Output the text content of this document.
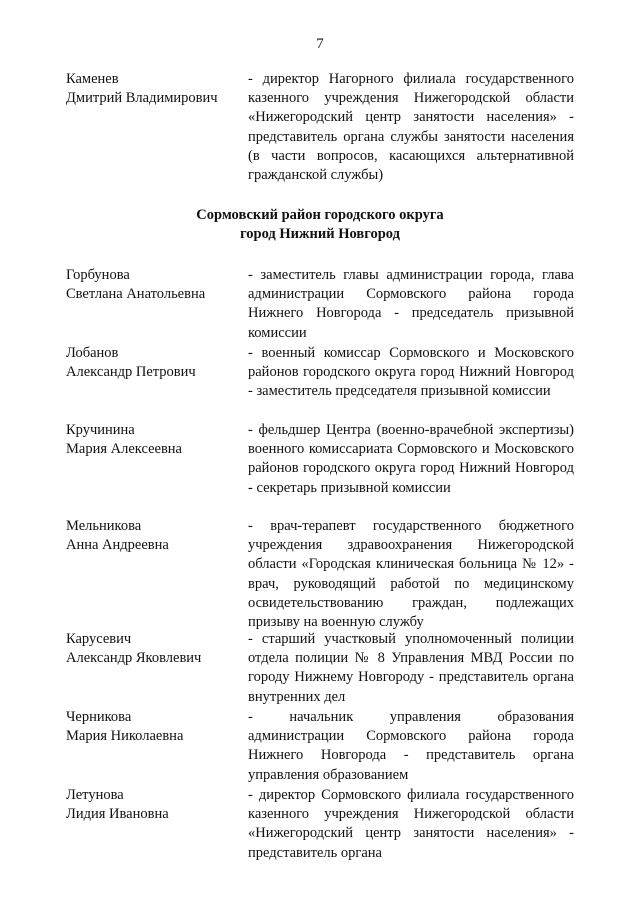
7
Каменев
Дмитрий Владимирович
- директор Нагорного филиала государственного казенного учреждения Нижегородской области «Нижегородский центр занятости населения» - представитель органа службы занятости населения (в части вопросов, касающихся альтернативной гражданской службы)
Сормовский район городского округа
город Нижний Новгород
Горбунова
Светлана Анатольевна
- заместитель главы администрации города, глава администрации Сормовского района города Нижнего Новгорода - председатель призывной комиссии
Лобанов
Александр Петрович
- военный комиссар Сормовского и Московского районов городского округа город Нижний Новгород - заместитель председателя призывной комиссии
Кручинина
Мария Алексеевна
- фельдшер Центра (военно-врачебной экспертизы) военного комиссариата Сормовского и Московского районов городского округа город Нижний Новгород - секретарь призывной комиссии
Мельникова
Анна Андреевна
- врач-терапевт государственного бюджетного учреждения здравоохранения Нижегородской области «Городская клиническая больница № 12» - врач, руководящий работой по медицинскому освидетельствованию граждан, подлежащих призыву на военную службу
Карусевич
Александр Яковлевич
- старший участковый уполномоченный полиции отдела полиции № 8 Управления МВД России по городу Нижнему Новгороду - представитель органа внутренних дел
Черникова
Мария Николаевна
- начальник управления образования администрации Сормовского района города Нижнего Новгорода - представитель органа управления образованием
Летунова
Лидия Ивановна
- директор Сормовского филиала государственного казенного учреждения Нижегородской области «Нижегородский центр занятости населения» - представитель органа
